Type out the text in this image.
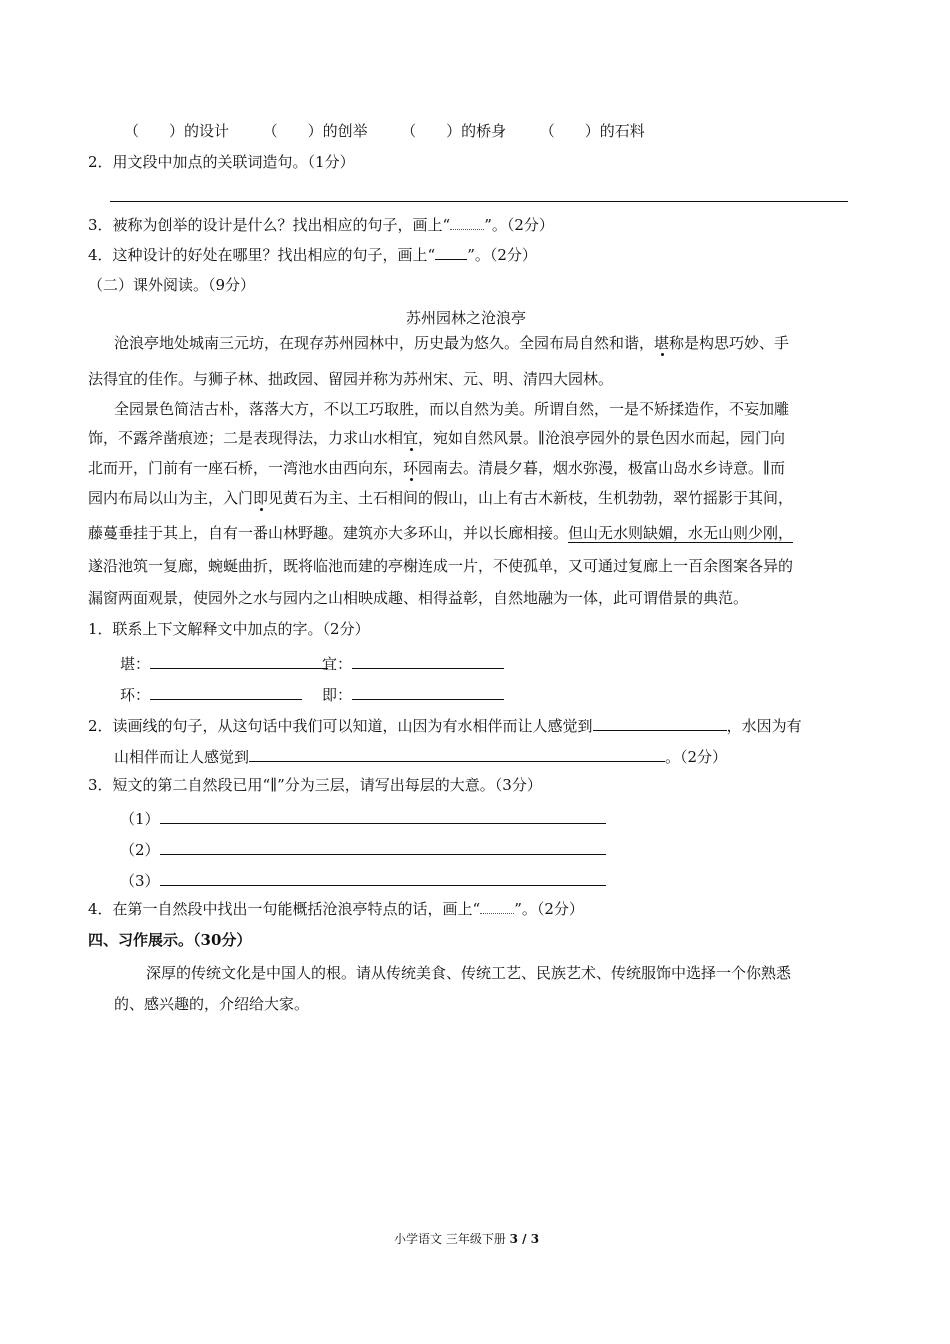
（　　）的设计 （　　）的创举 （　　）的桥身 （　　）的石料
2．用文段中加点的关联词造句。（1分）
3．被称为创举的设计是什么？找出相应的句子，画上“ ”。（2分）
4．这种设计的好处在哪里？找出相应的句子，画上“ ”。（2分）
（二）课外阅读。（9分）
苏州园林之沧浪亭
沧浪亭地处城南三元坊，在现存苏州园林中，历史最为悠久。全园布局自然和谐，堪称是构思巧妙、手
法得宜的佳作。与狮子林、拙政园、留园并称为苏州宋、元、明、清四大园林。
全园景色简洁古朴，落落大方，不以工巧取胜，而以自然为美。所谓自然，一是不矫揉造作，不妄加雕
饰，不露斧凿痕迹；二是表现得法，力求山水相宜，宛如自然风景。∥沧浪亭园外的景色因水而起，园门向
北而开，门前有一座石桥，一湾池水由西向东，环园南去。清晨夕暮，烟水弥漫，极富山岛水乡诗意。∥而
园内布局以山为主，入门即见黄石为主、土石相间的假山，山上有古木新枝，生机勃勃，翠竹摇影于其间，
藤蔓垂挂于其上，自有一番山林野趣。建筑亦大多环山，并以长廊相接。但山无水则缺媚，水无山则少刚，
遂沿池筑一复廊，蜿蜒曲折，既将临池而建的亭榭连成一片，不使孤单，又可通过复廊上一百余图案各异的
漏窗两面观景，使园外之水与园内之山相映成趣、相得益彰，自然地融为一体，此可谓借景的典范。
1．联系上下文解释文中加点的字。（2分）
堪：	宜：
环：	即：
2．读画线的句子，从这句话中我们可以知道，山因为有水相伴而让人感觉到	，水因为有
山相伴而让人感觉到	。（2分）
3．短文的第二自然段已用“∥”分为三层，请写出每层的大意。（3分）
（1）
（2）
（3）
4．在第一自然段中找出一句能概括沧浪亭特点的话，画上“ ”。（2分）
四、习作展示。（30分）
深厚的传统文化是中国人的根。请从传统美食、传统工艺、民族艺术、传统服饰中选择一个你熟悉
的、感兴趣的，介绍给大家。
小学语文 三年级下册 3 / 3
